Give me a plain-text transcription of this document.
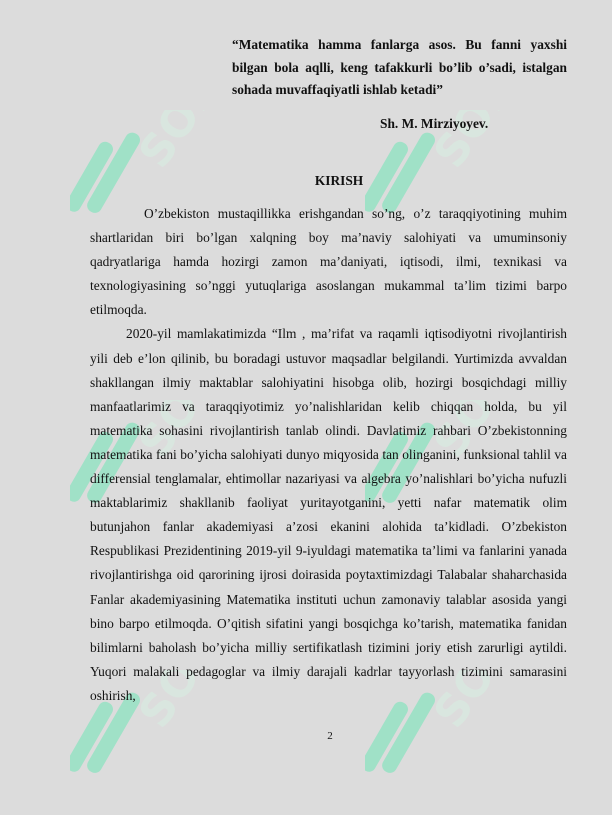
“Matematika hamma fanlarga asos. Bu fanni yaxshi bilgan bola aqlli, keng tafakkurli bo’lib o’sadi, istalgan sohada muvaffaqiyatli ishlab ketadi”
Sh. M. Mirziyoyev.
KIRISH

O’zbekiston mustaqillikka erishgandan so’ng, o’z taraqqiyotining muhim shartlaridan biri bo’lgan xalqning boy ma’naviy salohiyati va umuminsoniy qadryatlariga hamda hozirgi zamon ma’daniyati, iqtisodi, ilmi, texnikasi va texnologiyasining so’nggi yutuqlariga asoslangan mukammal ta’lim tizimi barpo etilmoqda.

2020-yil mamlakatimizda “Ilm , ma’rifat va raqamli iqtisodiyotni rivojlantirish yili deb e’lon qilinib, bu boradagi ustuvor maqsadlar belgilandi. Yurtimizda avvaldan shakllangan ilmiy maktablar salohiyatini hisobga olib, hozirgi bosqichdagi milliy manfaatlarimiz va taraqqiyotimiz yo’nalishlaridan kelib chiqqan holda, bu yil matematika sohasini rivojlantirish tanlab olindi. Davlatimiz rahbari O’zbekistonning matematika fani bo’yicha salohiyati dunyo miqyosida tan olinganini, funksional tahlil va differensial tenglamalar, ehtimollar nazariyasi va algebra yo’nalishlari bo’yicha nufuzli maktablarimiz shakllanib faoliyat yuritayotganini, yetti nafar matematik olim butunjahon fanlar akademiyasi a’zosi ekanini alohida ta’kidladi. O’zbekiston Respublikasi Prezidentining 2019-yil 9-iyuldagi matematika ta’limi va fanlarini yanada rivojlantirishga oid qarorining ijrosi doirasida poytaxtimizdagi Talabalar shaharchasida Fanlar akademiyasining Matematika instituti uchun zamonaviy talablar asosida yangi bino barpo etilmoqda. O’qitish sifatini yangi bosqichga ko’tarish, matematika fanidan bilimlarni baholash bo’yicha milliy sertifikatlash tizimini joriy etish zarurligi aytildi. Yuqori malakali pedagoglar va ilmiy darajali kadrlar tayyorlash tizimini samarasini oshirish,

2
